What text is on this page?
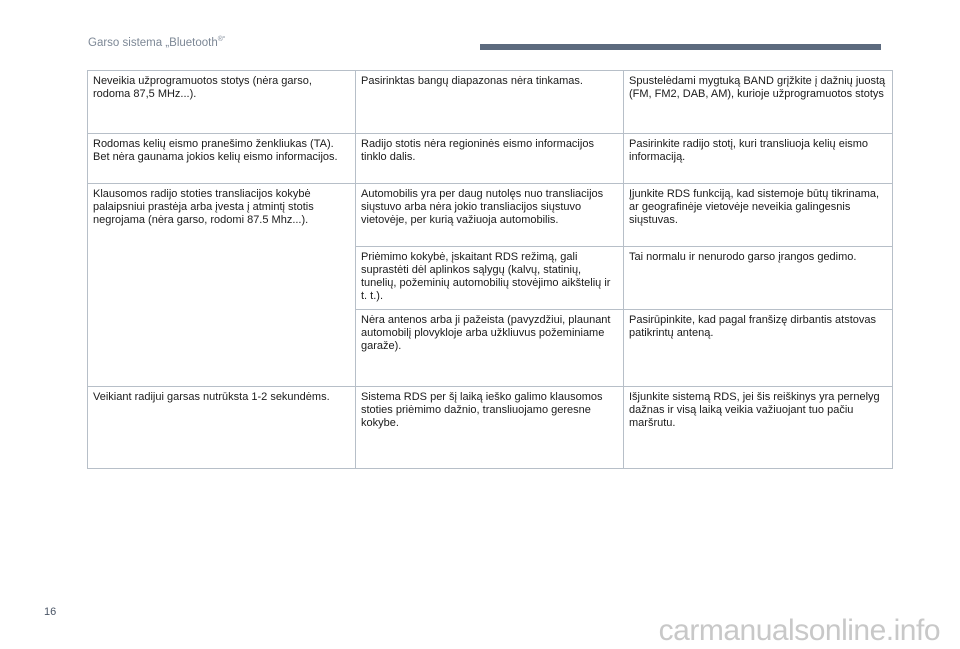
Garso sistema „Bluetooth®“
Neveikia užprogramuotos stotys (nėra garso, rodoma 87,5 MHz...).	Pasirinktas bangų diapazonas nėra tinkamas.	Spustelėdami mygtuką BAND grįžkite į dažnių juostą (FM, FM2, DAB, AM), kurioje užprogramuotos stotys
Rodomas kelių eismo pranešimo ženkliukas (TA). Bet nėra gaunama jokios kelių eismo informacijos.	Radijo stotis nėra regioninės eismo informacijos tinklo dalis.	Pasirinkite radijo stotį, kuri transliuoja kelių eismo informaciją.
Klausomos radijo stoties transliacijos kokybė palaipsniui prastėja arba įvesta į atmintį stotis negrojama (nėra garso, rodomi 87.5 Mhz...).	Automobilis yra per daug nutolęs nuo transliacijos siųstuvo arba nėra jokio transliacijos siųstuvo vietovėje, per kurią važiuoja automobilis.	Įjunkite RDS funkciją, kad sistemoje būtų tikrinama, ar geografinėje vietovėje neveikia galingesnis siųstuvas.
	Priėmimo kokybė, įskaitant RDS režimą, gali suprastėti dėl aplinkos sąlygų (kalvų, statinių, tunelių, požeminių automobilių stovėjimo aikštelių ir t. t.).	Tai normalu ir nenurodo garso įrangos gedimo.
	Nėra antenos arba ji pažeista (pavyzdžiui, plaunant automobilį plovykloje arba užkliuvus požeminiame garaže).	Pasirūpinkite, kad pagal franšizę dirbantis atstovas patikrintų anteną.
Veikiant radijui garsas nutrūksta 1-2 sekundėms.	Sistema RDS per šį laiką ieško galimo klausomos stoties priėmimo dažnio, transliuojamo geresne kokybe.	Išjunkite sistemą RDS, jei šis reiškinys yra pernelyg dažnas ir visą laiką veikia važiuojant tuo pačiu maršrutu.
16
carmanualsonline.info
